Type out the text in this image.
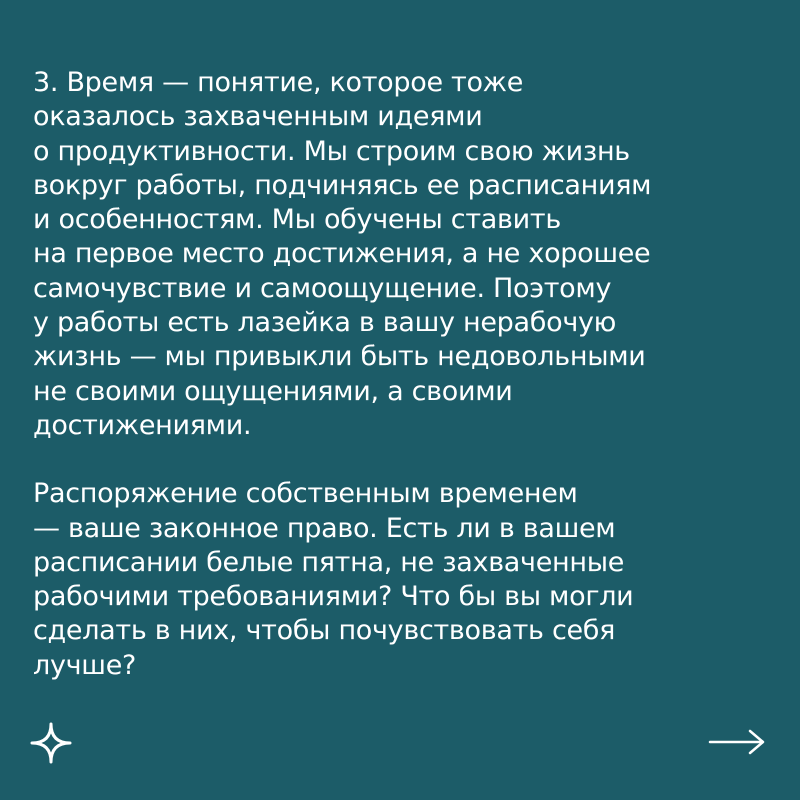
3. Время — понятие, которое тоже
оказалось захваченным идеями
о продуктивности. Мы строим свою жизнь
вокруг работы, подчиняясь ее расписаниям
и особенностям. Мы обучены ставить
на первое место достижения, а не хорошее
самочувствие и самоощущение. Поэтому
у работы есть лазейка в вашу нерабочую
жизнь — мы привыкли быть недовольными
не своими ощущениями, а своими
достижениями.

Распоряжение собственным временем
— ваше законное право. Есть ли в вашем
расписании белые пятна, не захваченные
рабочими требованиями? Что бы вы могли
сделать в них, чтобы почувствовать себя
лучше?
